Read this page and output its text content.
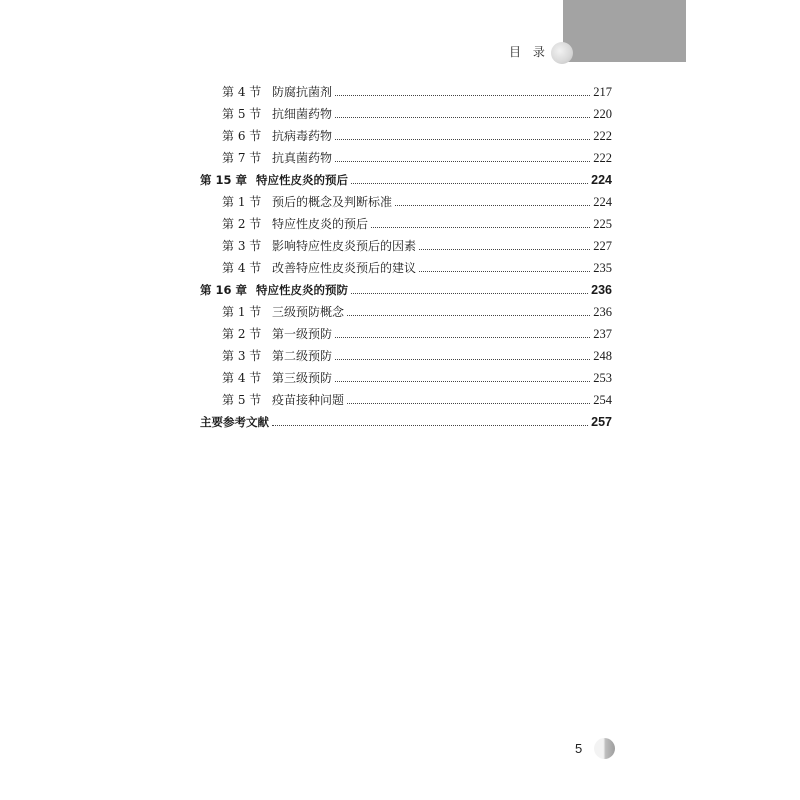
目 录
第 4 节 防腐抗菌剂	217
第 5 节 抗细菌药物	220
第 6 节 抗病毒药物	222
第 7 节 抗真菌药物	222
第 15 章 特应性皮炎的预后	224
第 1 节 预后的概念及判断标准	224
第 2 节 特应性皮炎的预后	225
第 3 节 影响特应性皮炎预后的因素	227
第 4 节 改善特应性皮炎预后的建议	235
第 16 章 特应性皮炎的预防	236
第 1 节 三级预防概念	236
第 2 节 第一级预防	237
第 3 节 第二级预防	248
第 4 节 第三级预防	253
第 5 节 疫苗接种问题	254
主要参考文献	257
5
